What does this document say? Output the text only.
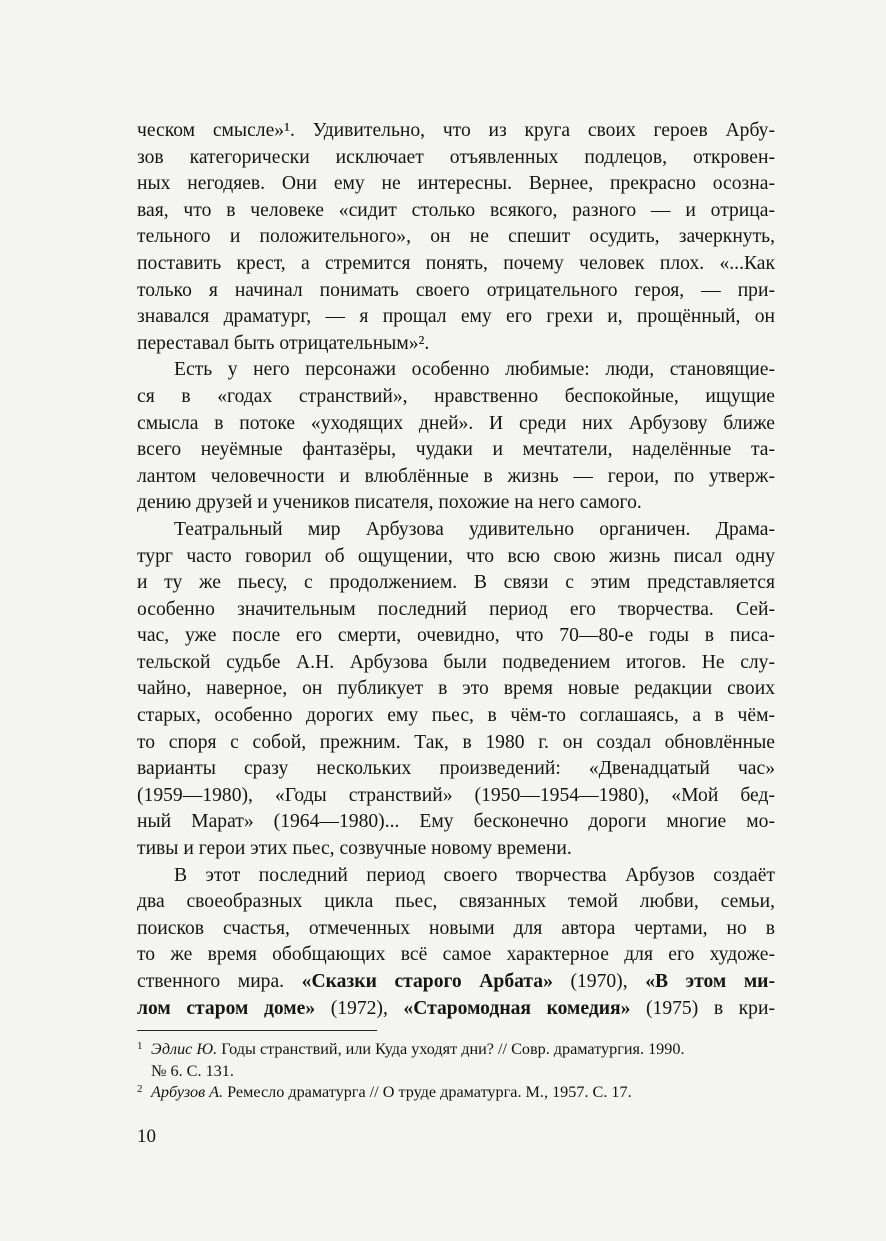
ческом смысле»¹. Удивительно, что из круга своих героев Арбу-
зов категорически исключает отъявленных подлецов, откровен-
ных негодяев. Они ему не интересны. Вернее, прекрасно осозна-
вая, что в человеке «сидит столько всякого, разного — и отрица-
тельного и положительного», он не спешит осудить, зачеркнуть,
поставить крест, а стремится понять, почему человек плох. «...Как
только я начинал понимать своего отрицательного героя, — при-
знавался драматург, — я прощал ему его грехи и, прощённый, он
переставал быть отрицательным»².
Есть у него персонажи особенно любимые: люди, становящие-
ся в «годах странствий», нравственно беспокойные, ищущие
смысла в потоке «уходящих дней». И среди них Арбузову ближе
всего неуёмные фантазёры, чудаки и мечтатели, наделённые та-
лантом человечности и влюблённые в жизнь — герои, по утверж-
дению друзей и учеников писателя, похожие на него самого.
Театральный мир Арбузова удивительно органичен. Драма-
тург часто говорил об ощущении, что всю свою жизнь писал одну
и ту же пьесу, с продолжением. В связи с этим представляется
особенно значительным последний период его творчества. Сей-
час, уже после его смерти, очевидно, что 70—80-е годы в писа-
тельской судьбе А.Н. Арбузова были подведением итогов. Не слу-
чайно, наверное, он публикует в это время новые редакции своих
старых, особенно дорогих ему пьес, в чём-то соглашаясь, а в чём-
то споря с собой, прежним. Так, в 1980 г. он создал обновлённые
варианты сразу нескольких произведений: «Двенадцатый час»
(1959—1980), «Годы странствий» (1950—1954—1980), «Мой бед-
ный Марат» (1964—1980)... Ему бесконечно дороги многие мо-
тивы и герои этих пьес, созвучные новому времени.
В этот последний период своего творчества Арбузов создаёт
два своеобразных цикла пьес, связанных темой любви, семьи,
поисков счастья, отмеченных новыми для автора чертами, но в
то же время обобщающих всё самое характерное для его художе-
ственного мира. «Сказки старого Арбата» (1970), «В этом ми-
лом старом доме» (1972), «Старомодная комедия» (1975) в кри-
1 Эдлис Ю. Годы странствий, или Куда уходят дни? // Совр. драматургия. 1990.
№ 6. С. 131.
2 Арбузов А. Ремесло драматурга // О труде драматурга. М., 1957. С. 17.
10
